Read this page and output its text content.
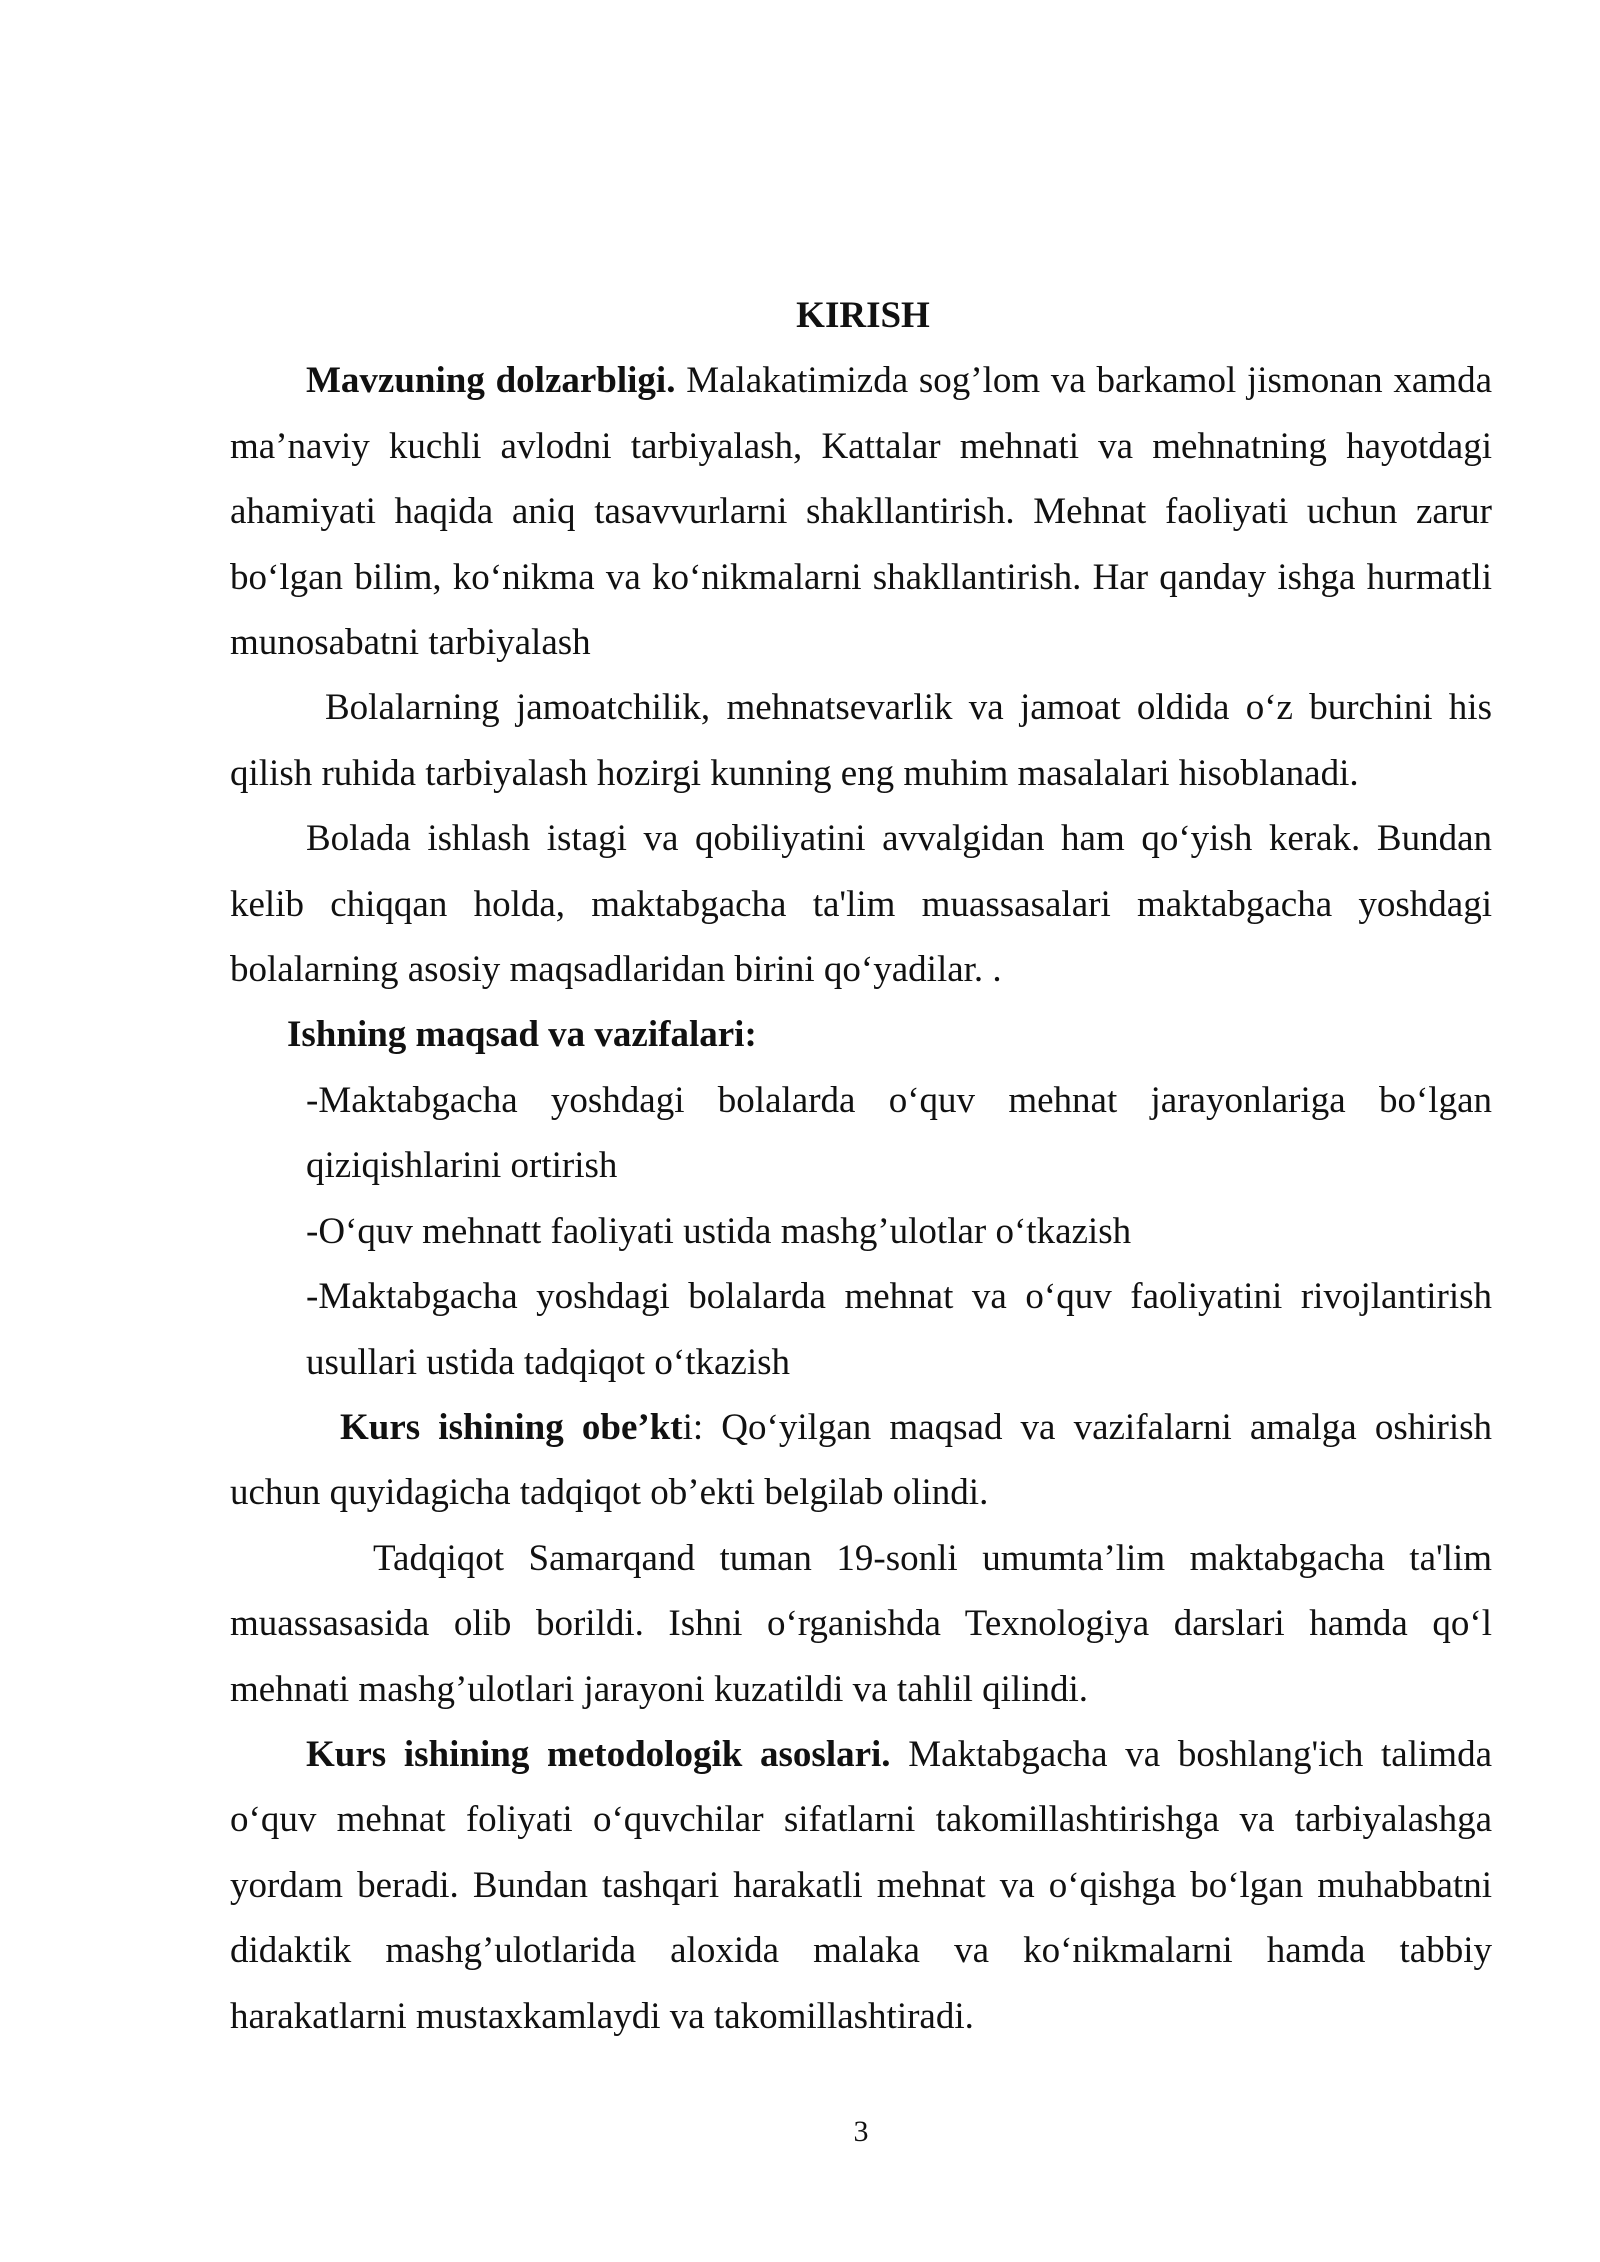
KIRISH

Mavzuning dolzarbligi. Malakatimizda sog’lom va barkamol jismonan xamda ma’naviy kuchli avlodni tarbiyalash, Kattalar mehnati va mehnatning hayotdagi ahamiyati haqida aniq tasavvurlarni shakllantirish. Mehnat faoliyati uchun zarur bo‘lgan bilim, ko‘nikma va ko‘nikmalarni shakllantirish. Har qanday ishga hurmatli munosabatni tarbiyalash

Bolalarning jamoatchilik, mehnatsevarlik va jamoat oldida o‘z burchini his qilish ruhida tarbiyalash hozirgi kunning eng muhim masalalari hisoblanadi.

Bolada ishlash istagi va qobiliyatini avvalgidan ham qo‘yish kerak. Bundan kelib chiqqan holda, maktabgacha ta'lim muassasalari maktabgacha yoshdagi bolalarning asosiy maqsadlaridan birini qo‘yadilar. .

Ishning maqsad va vazifalari:

-Maktabgacha yoshdagi bolalarda o‘quv mehnat jarayonlariga bo‘lgan qiziqishlarini ortirish

-O‘quv mehnatt faoliyati ustida mashg’ulotlar o‘tkazish

-Maktabgacha yoshdagi bolalarda mehnat va o‘quv faoliyatini rivojlantirish usullari ustida tadqiqot o‘tkazish

Kurs ishining obe’kti: Qo‘yilgan maqsad va vazifalarni amalga oshirish uchun quyidagicha tadqiqot ob’ekti belgilab olindi.

Tadqiqot Samarqand tuman 19-sonli umumta’lim maktabgacha ta'lim muassasasida olib borildi. Ishni o‘rganishda Texnologiya darslari hamda qo‘l mehnati mashg’ulotlari jarayoni kuzatildi va tahlil qilindi.

Kurs ishining metodologik asoslari. Maktabgacha va boshlang'ich talimda o‘quv mehnat foliyati o‘quvchilar sifatlarni takomillashtirishga va tarbiyalashga yordam beradi. Bundan tashqari harakatli mehnat va o‘qishga bo‘lgan muhabbatni didaktik mashg’ulotlarida aloxida malaka va ko‘nikmalarni hamda tabbiy harakatlarni mustaxkamlaydi va takomillashtiradi.

3
